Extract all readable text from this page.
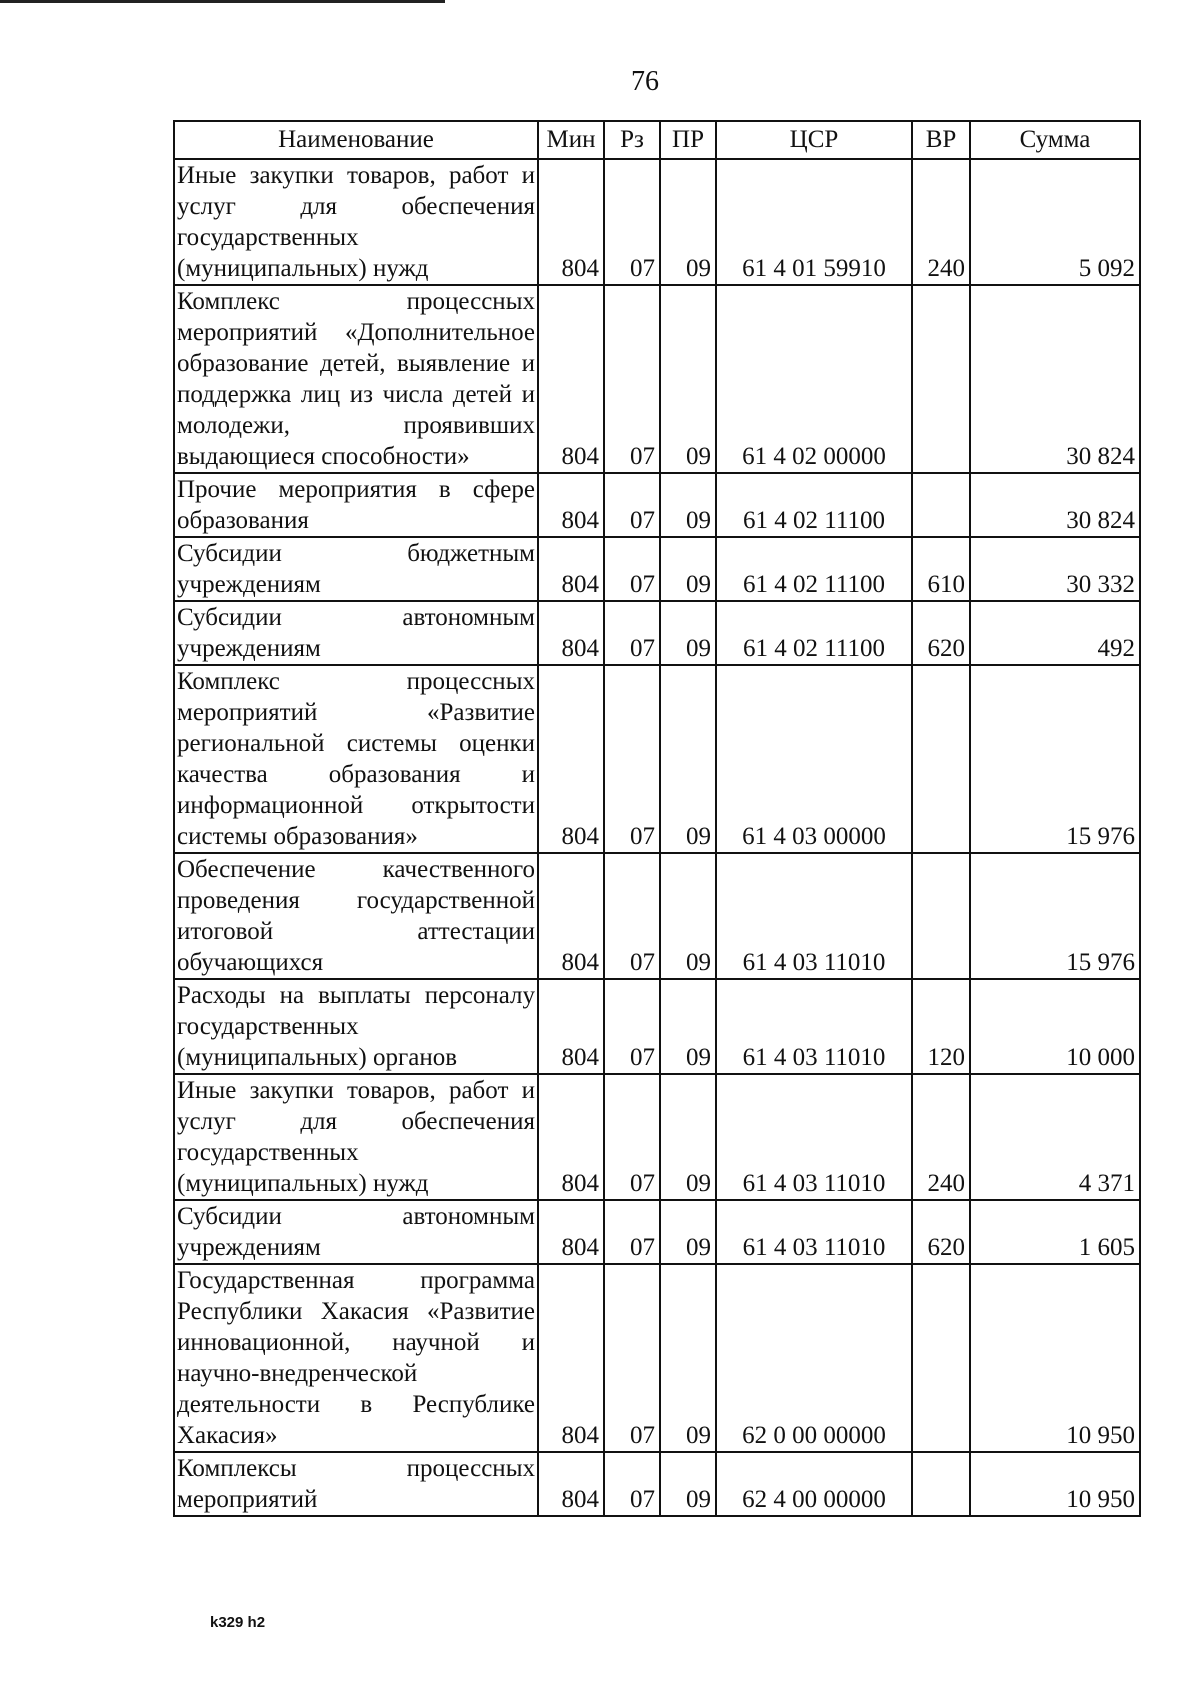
76
Наименование	Мин	Рз	ПР	ЦСР	ВР	Сумма
Иные закупки товаров, работ и услуг для обеспечения государственных (муниципальных) нужд	804	07	09	61 4 01 59910	240	5 092
Комплекс процессных мероприятий «Дополнительное образование детей, выявление и поддержка лиц из числа детей и молодежи, проявивших выдающиеся способности»	804	07	09	61 4 02 00000		30 824
Прочие мероприятия в сфере образования	804	07	09	61 4 02 11100		30 824
Субсидии бюджетным учреждениям	804	07	09	61 4 02 11100	610	30 332
Субсидии автономным учреждениям	804	07	09	61 4 02 11100	620	492
Комплекс процессных мероприятий «Развитие региональной системы оценки качества образования и информационной открытости системы образования»	804	07	09	61 4 03 00000		15 976
Обеспечение качественного проведения государственной итоговой аттестации обучающихся	804	07	09	61 4 03 11010		15 976
Расходы на выплаты персоналу государственных (муниципальных) органов	804	07	09	61 4 03 11010	120	10 000
Иные закупки товаров, работ и услуг для обеспечения государственных (муниципальных) нужд	804	07	09	61 4 03 11010	240	4 371
Субсидии автономным учреждениям	804	07	09	61 4 03 11010	620	1 605
Государственная программа Республики Хакасия «Развитие инновационной, научной и научно-внедренческой деятельности в Республике Хакасия»	804	07	09	62 0 00 00000		10 950
Комплексы процессных мероприятий	804	07	09	62 4 00 00000		10 950
k329 h2
